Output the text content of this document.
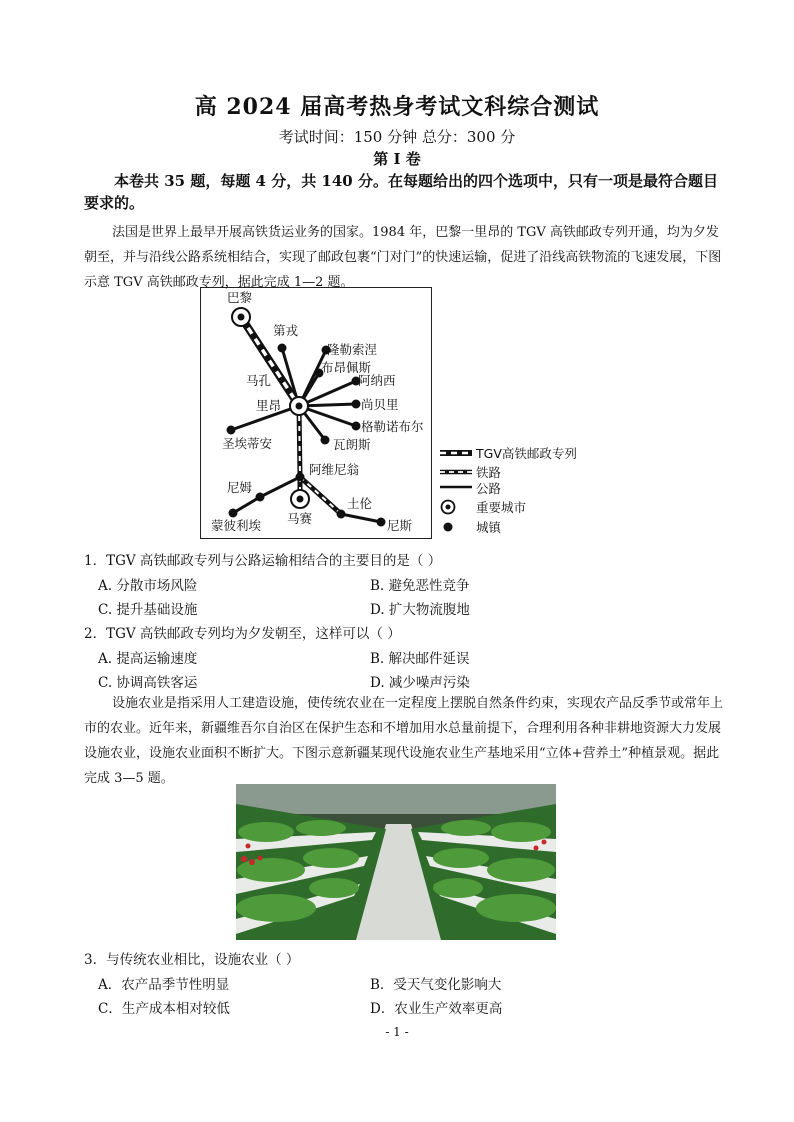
高 2024 届高考热身考试文科综合测试
考试时间：150 分钟 总分：300 分
第 Ⅰ 卷
本卷共 35 题，每题 4 分，共 140 分。在每题给出的四个选项中，只有一项是最符合题目要求的。
法国是世界上最早开展高铁货运业务的国家。1984 年，巴黎一里昂的 TGV 高铁邮政专列开通，均为夕发朝至，并与沿线公路系统相结合，实现了邮政包裹“门对门”的快速运输，促进了沿线高铁物流的飞速发展，下图示意 TGV 高铁邮政专列，据此完成 1—2 题。
巴黎
第戎
隆勒索涅
布昂佩斯
阿纳西
马孔
里昂	尚贝里
格勒诺布尔
圣埃蒂安	瓦朗斯
阿维尼翁
尼姆
土伦
蒙彼利埃 马赛	尼斯
TGV高铁邮政专列
铁路
公路
重要城市
城镇
1．TGV 高铁邮政专列与公路运输相结合的主要目的是（ ）
A. 分散市场风险	B. 避免恶性竞争
C. 提升基础设施	D. 扩大物流腹地
2．TGV 高铁邮政专列均为夕发朝至，这样可以（ ）
A. 提高运输速度	B. 解决邮件延误
C. 协调高铁客运	D. 减少噪声污染
设施农业是指采用人工建造设施，使传统农业在一定程度上摆脱自然条件约束，实现农产品反季节或常年上市的农业。近年来，新疆维吾尔自治区在保护生态和不增加用水总量前提下，合理利用各种非耕地资源大力发展设施农业，设施农业面积不断扩大。下图示意新疆某现代设施农业生产基地采用“立体+营养土”种植景观。据此完成 3—5 题。
3．与传统农业相比，设施农业（ ）
A．农产品季节性明显	B．受天气变化影响大
C．生产成本相对较低	D．农业生产效率更高
- 1 -
